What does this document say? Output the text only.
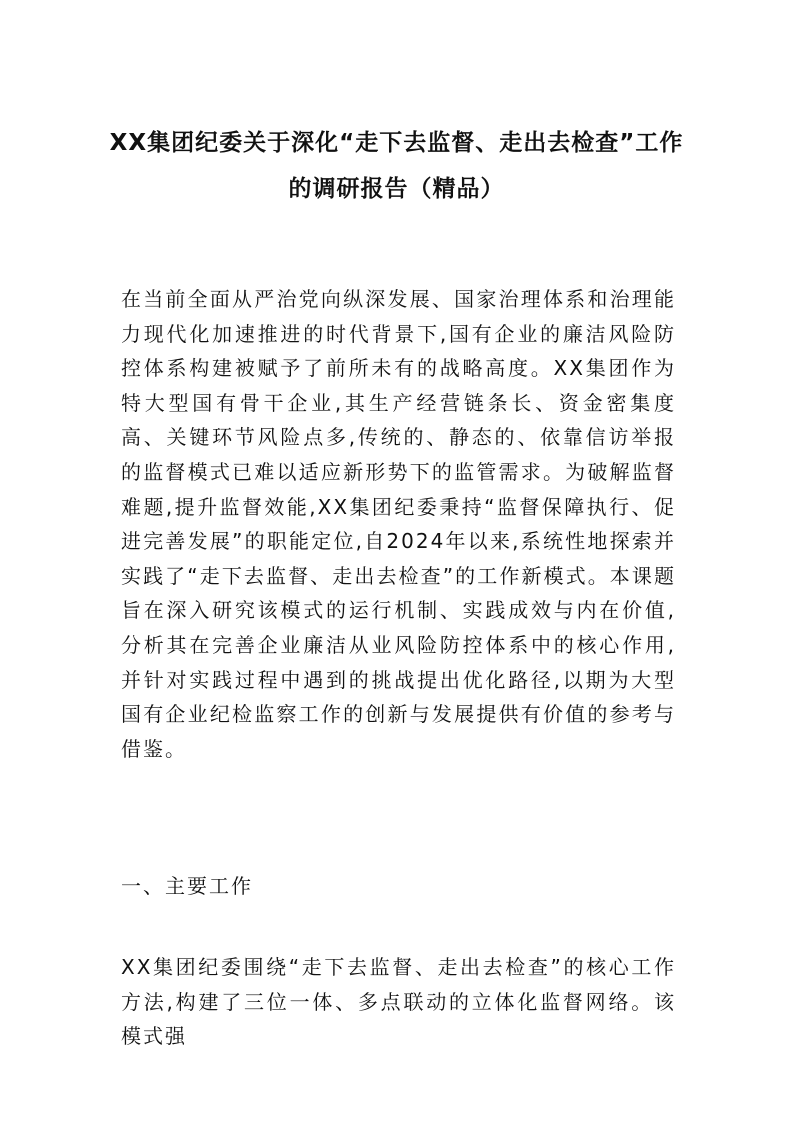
XX集团纪委关于深化“走下去监督、走出去检查”工作的调研报告（精品）

在当前全面从严治党向纵深发展、国家治理体系和治理能力现代化加速推进的时代背景下,国有企业的廉洁风险防控体系构建被赋予了前所未有的战略高度。XX集团作为特大型国有骨干企业,其生产经营链条长、资金密集度高、关键环节风险点多,传统的、静态的、依靠信访举报的监督模式已难以适应新形势下的监管需求。为破解监督难题,提升监督效能,XX集团纪委秉持“监督保障执行、促进完善发展”的职能定位,自2024年以来,系统性地探索并实践了“走下去监督、走出去检查”的工作新模式。本课题旨在深入研究该模式的运行机制、实践成效与内在价值,分析其在完善企业廉洁从业风险防控体系中的核心作用,并针对实践过程中遇到的挑战提出优化路径,以期为大型国有企业纪检监察工作的创新与发展提供有价值的参考与借鉴。

一、主要工作

XX集团纪委围绕“走下去监督、走出去检查”的核心工作方法,构建了三位一体、多点联动的立体化监督网络。该模式强
